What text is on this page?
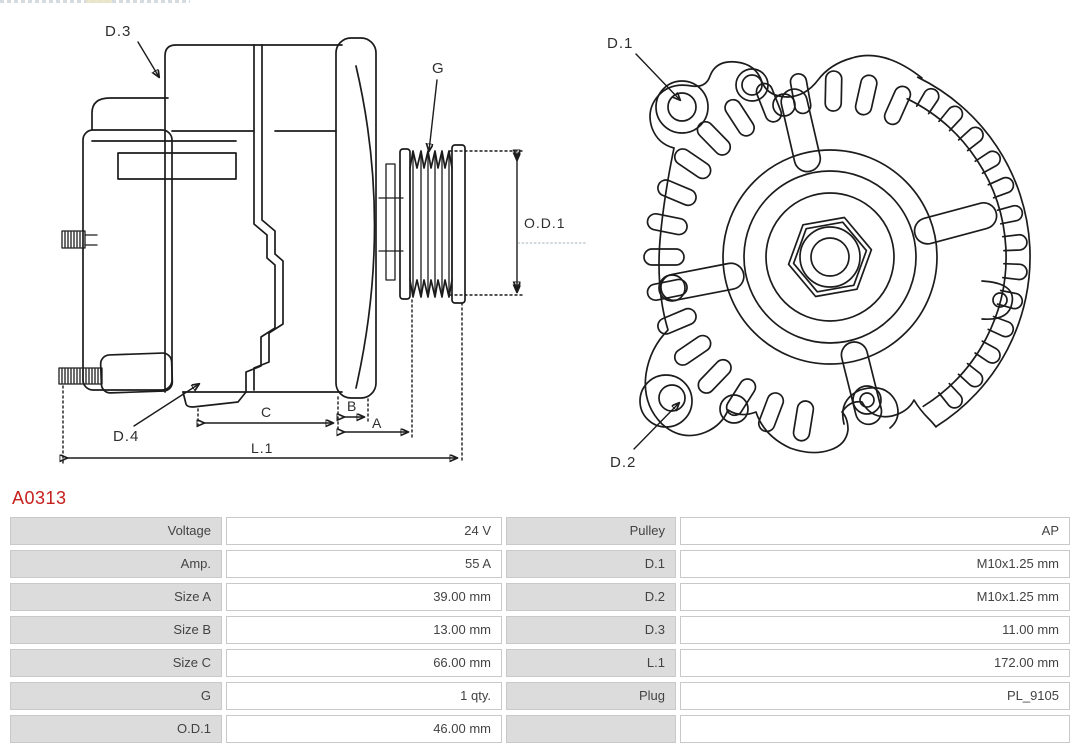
D.3
G
O.D.1
D.4
C	B
A
L.1
D.1
D.2
A0313
Voltage	24 V	Pulley	AP
Amp.	55 A	D.1	M10x1.25 mm
Size A	39.00 mm	D.2	M10x1.25 mm
Size B	13.00 mm	D.3	11.00 mm
Size C	66.00 mm	L.1	172.00 mm
G	1 qty.	Plug	PL_9105
O.D.1	46.00 mm
